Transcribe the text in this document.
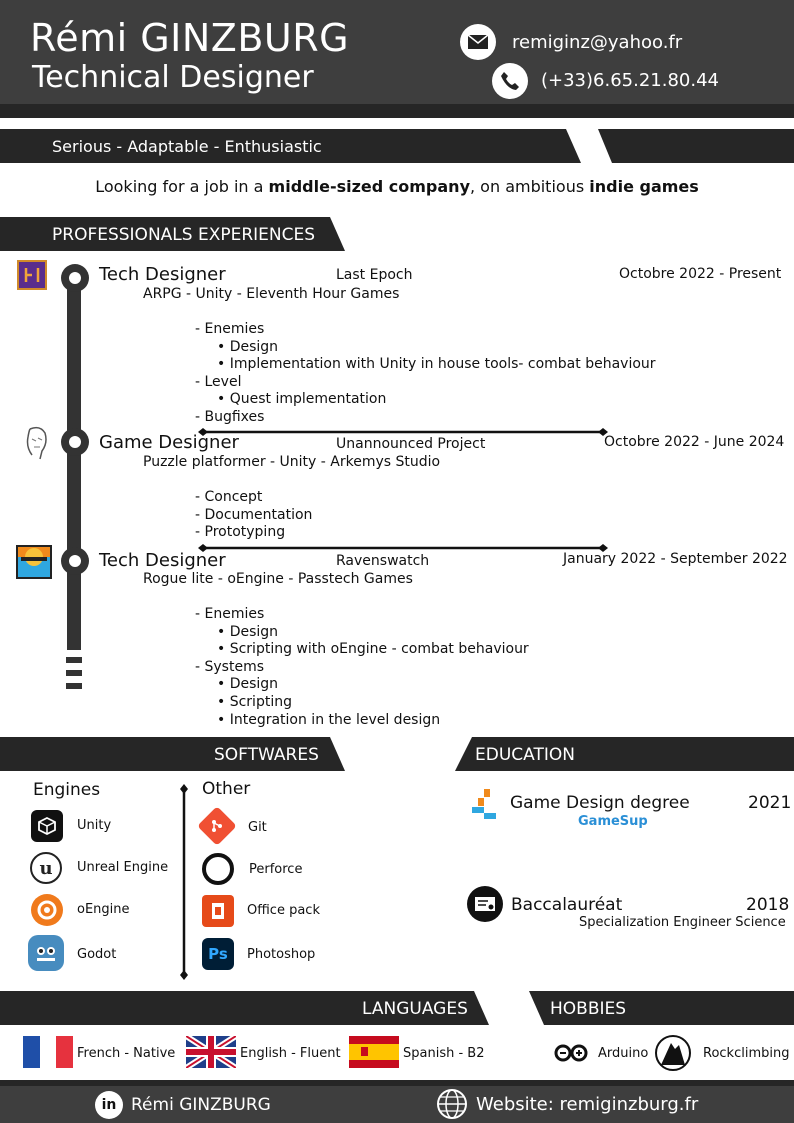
Rémi GINZBURG
Technical Designer
remiginz@yahoo.fr
(+33)6.65.21.80.44
Serious - Adaptable - Enthusiastic
Looking for a job in a middle-sized company, on ambitious indie games
PROFESSIONALS EXPERIENCES
Tech Designer	Last Epoch	Octobre 2022 - Present
ARPG - Unity - Eleventh Hour Games
- Enemies
• Design
• Implementation with Unity in house tools- combat behaviour
- Level
• Quest implementation
- Bugfixes
Game Designer	Unannounced Project	Octobre 2022 - June 2024
Puzzle platformer - Unity - Arkemys Studio
- Concept
- Documentation
- Prototyping
Tech Designer	Ravenswatch	January 2022 - September 2022
Rogue lite - oEngine - Passtech Games
- Enemies
• Design
• Scripting with oEngine - combat behaviour
- Systems
• Design
• Scripting
• Integration in the level design
SOFTWARES	EDUCATION
Engines	Other
Unity
u	Unreal Engine
oEngine
Godot
Git
Perforce
Office pack
Ps	Photoshop
Game Design degree	2021
GameSup
Baccalauréat	2018
Specialization Engineer Science
LANGUAGES	HOBBIES
French - Native	English - Fluent	Spanish - B2	Arduino	Rockclimbing
in Rémi GINZBURG	Website: remiginzburg.fr
